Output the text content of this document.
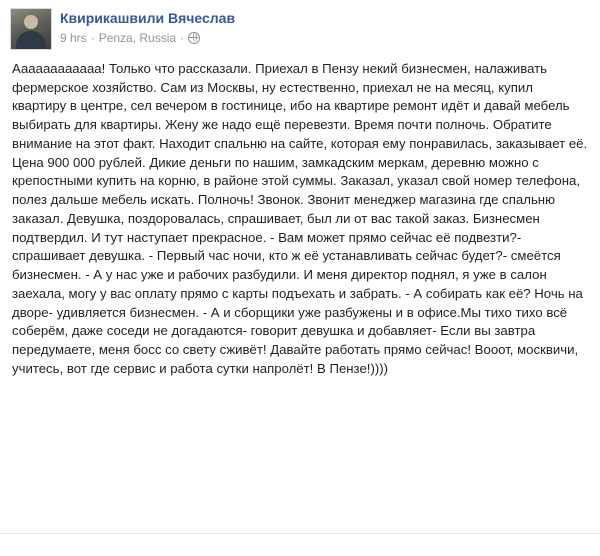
Квирикашвили Вячеслав
9 hrs · Penza, Russia ·

Аааааааааааа! Только что рассказали. Приехал в Пензу некий бизнесмен, налаживать фермерское хозяйство. Сам из Москвы, ну естественно, приехал не на месяц, купил квартиру в центре, сел вечером в гостинице, ибо на квартире ремонт идёт и давай мебель выбирать для квартиры. Жену же надо ещё перевезти. Время почти полночь. Обратите внимание на этот факт. Находит спальню на сайте, которая ему понравилась, заказывает её. Цена 900 000 рублей. Дикие деньги по нашим, замкадским меркам, деревню можно с крепостными купить на корню, в районе этой суммы. Заказал, указал свой номер телефона, полез дальше мебель искать. Полночь! Звонок. Звонит менеджер магазина где спальню заказал. Девушка, поздоровалась, спрашивает, был ли от вас такой заказ. Бизнесмен подтвердил. И тут наступает прекрасное. - Вам может прямо сейчас её подвезти?- спрашивает девушка. - Первый час ночи, кто ж её устанавливать сейчас будет?- смеётся бизнесмен. - А у нас уже и рабочих разбудили. И меня директор поднял, я уже в салон заехала, могу у вас оплату прямо с карты подъехать и забрать. - А собирать как её? Ночь на дворе- удивляется бизнесмен. - А и сборщики уже разбужены и в офисе.Мы тихо тихо всё соберём, даже соседи не догадаются- говорит девушка и добавляет- Если вы завтра передумаете, меня босс со свету сживёт! Давайте работать прямо сейчас! Вооот, москвичи, учитесь, вот где сервис и работа сутки напролёт! В Пензе!))))
